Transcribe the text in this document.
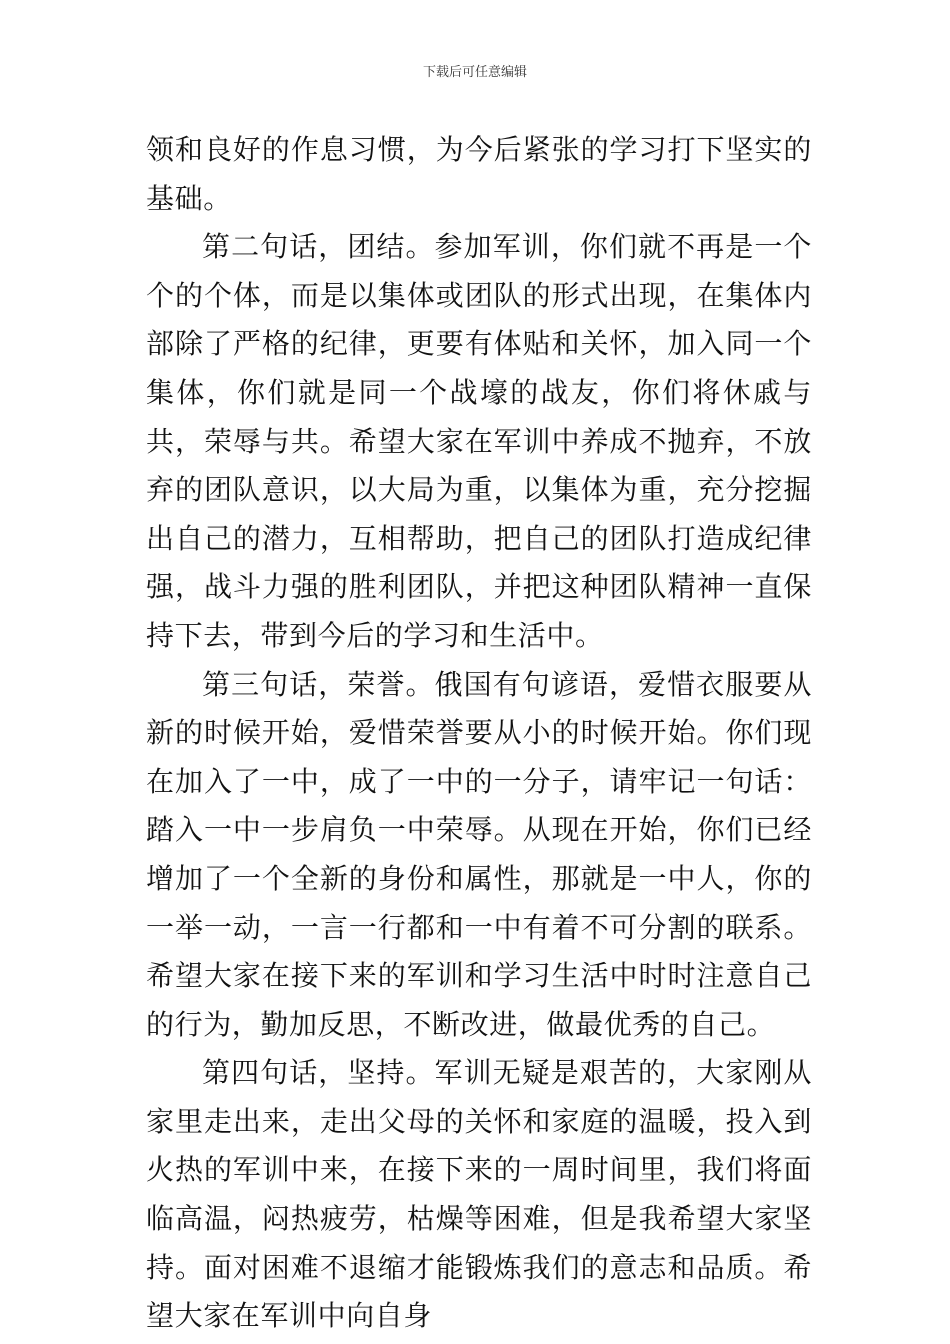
下载后可任意编辑

领和良好的作息习惯，为今后紧张的学习打下坚实的基础。

第二句话，团结。参加军训，你们就不再是一个个的个体，而是以集体或团队的形式出现，在集体内部除了严格的纪律，更要有体贴和关怀，加入同一个集体，你们就是同一个战壕的战友，你们将休戚与共，荣辱与共。希望大家在军训中养成不抛弃，不放弃的团队意识，以大局为重，以集体为重，充分挖掘出自己的潜力，互相帮助，把自己的团队打造成纪律强，战斗力强的胜利团队，并把这种团队精神一直保持下去，带到今后的学习和生活中。

第三句话，荣誉。俄国有句谚语，爱惜衣服要从新的时候开始，爱惜荣誉要从小的时候开始。你们现在加入了一中，成了一中的一分子，请牢记一句话：踏入一中一步肩负一中荣辱。从现在开始，你们已经增加了一个全新的身份和属性，那就是一中人，你的一举一动，一言一行都和一中有着不可分割的联系。希望大家在接下来的军训和学习生活中时时注意自己的行为，勤加反思，不断改进，做最优秀的自己。

第四句话，坚持。军训无疑是艰苦的，大家刚从家里走出来，走出父母的关怀和家庭的温暖，投入到火热的军训中来，在接下来的一周时间里，我们将面临高温，闷热疲劳，枯燥等困难，但是我希望大家坚持。面对困难不退缩才能锻炼我们的意志和品质。希望大家在军训中向自身
